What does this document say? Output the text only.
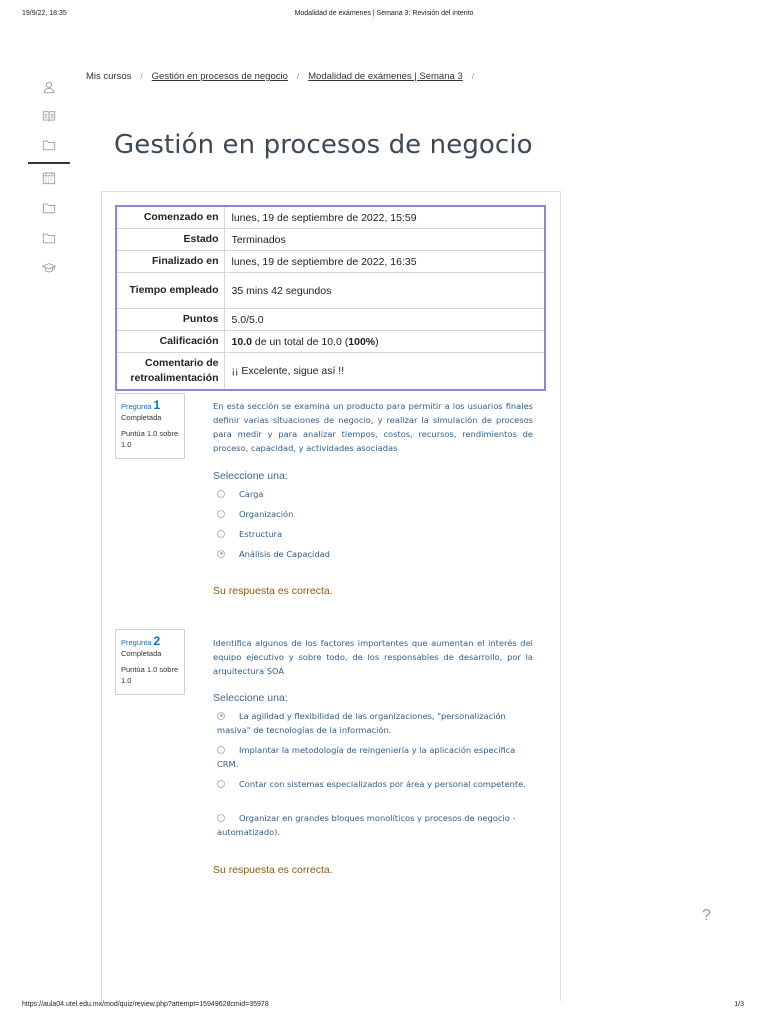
19/9/22, 18:35	Modalidad de exámenes | Semana 3: Revisión del intento
Mis cursos / Gestión en procesos de negocio / Modalidad de exámenes | Semana 3 /
Gestión en procesos de negocio
Comenzado en	lunes, 19 de septiembre de 2022, 15:59
Estado	Terminados
Finalizado en	lunes, 19 de septiembre de 2022, 16:35
Tiempo empleado	35 mins 42 segundos
Puntos	5.0/5.0
Calificación	10.0 de un total de 10.0 (100%)
Comentario de retroalimentación	¡¡ Excelente, sigue así !!
Pregunta 1
Completada
Puntúa 1.0 sobre 1.0
En esta sección se examina un producto para permitir a los usuarios finales definir varias situaciones de negocio, y realizar la simulación de procesos para medir y para analizar tiempos, costos, recursos, rendimientos de proceso, capacidad, y actividades asociadas
Seleccione una:
Carga
Organización
Estructura
Análisis de Capacidad
Su respuesta es correcta.
Pregunta 2
Completada
Puntúa 1.0 sobre 1.0
Identifica algunos de los factores importantes que aumentan el interés del equipo ejecutivo y sobre todo, de los responsables de desarrollo, por la arquitectura SOA
Seleccione una:
La agilidad y flexibilidad de las organizaciones, "personalización masiva" de tecnologías de la información.
Implantar la metodología de reingeniería y la aplicación específica CRM.
Contar con sistemas especializados por área y personal competente.
Organizar en grandes bloques monolíticos y procesos de negocio - automatizado).
Su respuesta es correcta.
?
https://aula04.utel.edu.mx/mod/quiz/review.php?attempt=15949628cmid=35978	1/3
